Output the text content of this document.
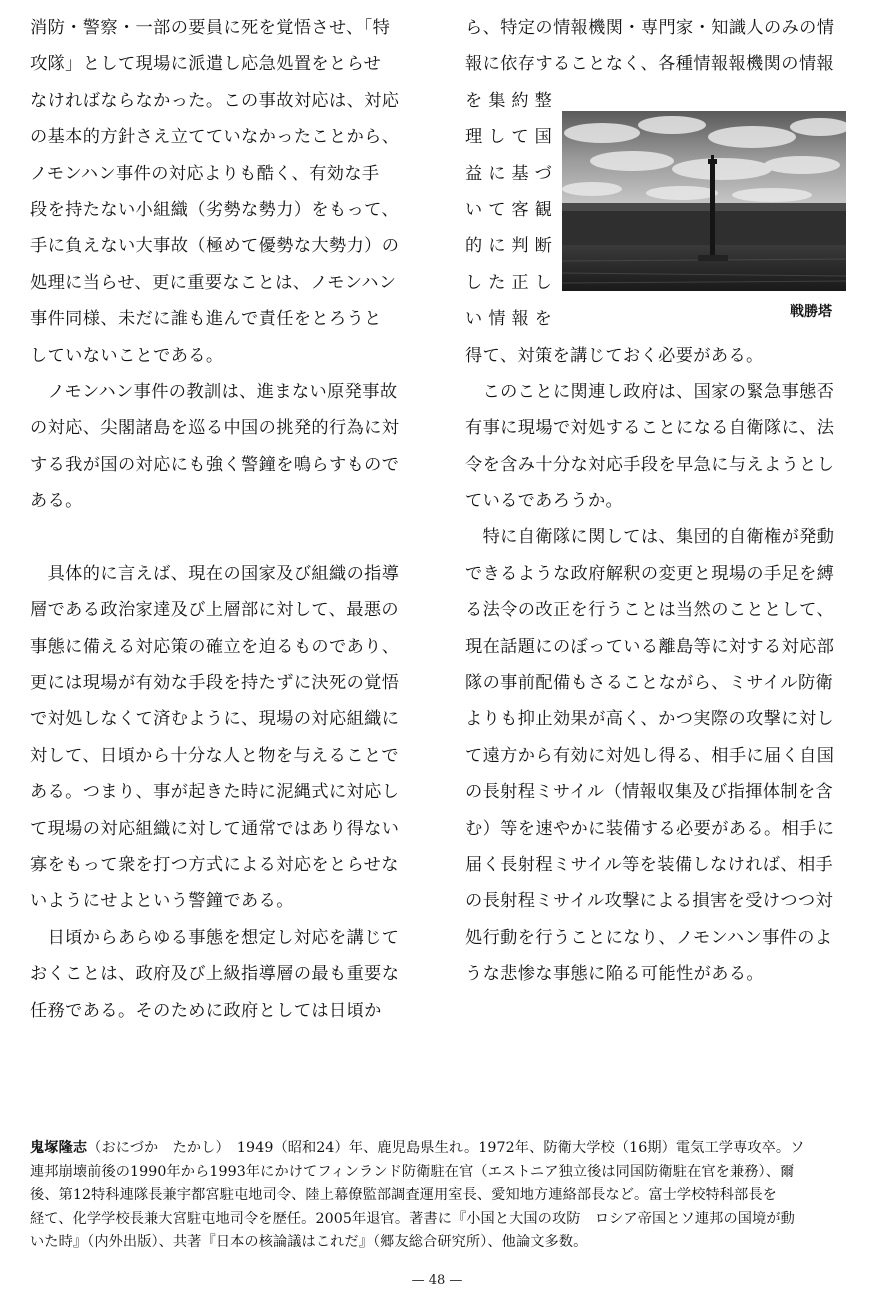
消防・警察・一部の要員に死を覚悟させ、「特
攻隊」として現場に派遣し応急処置をとらせ
なければならなかった。この事故対応は、対応
の基本的方針さえ立てていなかったことから、
ノモンハン事件の対応よりも酷く、有効な手
段を持たない小組織（劣勢な勢力）をもって、
手に負えない大事故（極めて優勢な大勢力）の
処理に当らせ、更に重要なことは、ノモンハン
事件同様、未だに誰も進んで責任をとろうと
していないことである。
　ノモンハン事件の教訓は、進まない原発事故
の対応、尖閣諸島を巡る中国の挑発的行為に対
する我が国の対応にも強く警鐘を鳴らすもので
ある。
　具体的に言えば、現在の国家及び組織の指導
層である政治家達及び上層部に対して、最悪の
事態に備える対応策の確立を迫るものであり、
更には現場が有効な手段を持たずに決死の覚悟
で対処しなくて済むように、現場の対応組織に
対して、日頃から十分な人と物を与えることで
ある。つまり、事が起きた時に泥縄式に対応し
て現場の対応組織に対して通常ではあり得ない
寡をもって衆を打つ方式による対応をとらせな
いようにせよという警鐘である。
　日頃からあらゆる事態を想定し対応を講じて
おくことは、政府及び上級指導層の最も重要な
任務である。そのために政府としては日頃か
ら、特定の情報機関・専門家・知識人のみの情
報に依存することなく、各種情報報機関の情報
を集約整
理して国
益に基づ
いて客観
的に判断
した正し
い情報を
得て、対策を講じておく必要がある。
　このことに関連し政府は、国家の緊急事態否
有事に現場で対処することになる自衛隊に、法
令を含み十分な対応手段を早急に与えようとし
ているであろうか。
　特に自衛隊に関しては、集団的自衛権が発動
できるような政府解釈の変更と現場の手足を縛
る法令の改正を行うことは当然のこととして、
現在話題にのぼっている離島等に対する対応部
隊の事前配備もさることながら、ミサイル防衛
よりも抑止効果が高く、かつ実際の攻撃に対し
て遠方から有効に対処し得る、相手に届く自国
の長射程ミサイル（情報収集及び指揮体制を含
む）等を速やかに装備する必要がある。相手に
届く長射程ミサイル等を装備しなければ、相手
の長射程ミサイル攻撃による損害を受けつつ対
処行動を行うことになり、ノモンハン事件のよ
うな悲惨な事態に陥る可能性がある。
戦勝塔
鬼塚隆志（おにづか　たかし）　1949（昭和24）年、鹿児島県生れ。1972年、防衛大学校（16期）電気工学専攻卒。ソ
連邦崩壊前後の1990年から1993年にかけてフィンランド防衛駐在官（エストニア独立後は同国防衛駐在官を兼務）、爾
後、第12特科連隊長兼宇都宮駐屯地司令、陸上幕僚監部調査運用室長、愛知地方連絡部長など。富士学校特科部長を
経て、化学学校長兼大宮駐屯地司令を歴任。2005年退官。著書に『小国と大国の攻防　ロシア帝国とソ連邦の国境が動
いた時』（内外出版）、共著『日本の核論議はこれだ』（郷友総合研究所）、他論文多数。
— 48 —
